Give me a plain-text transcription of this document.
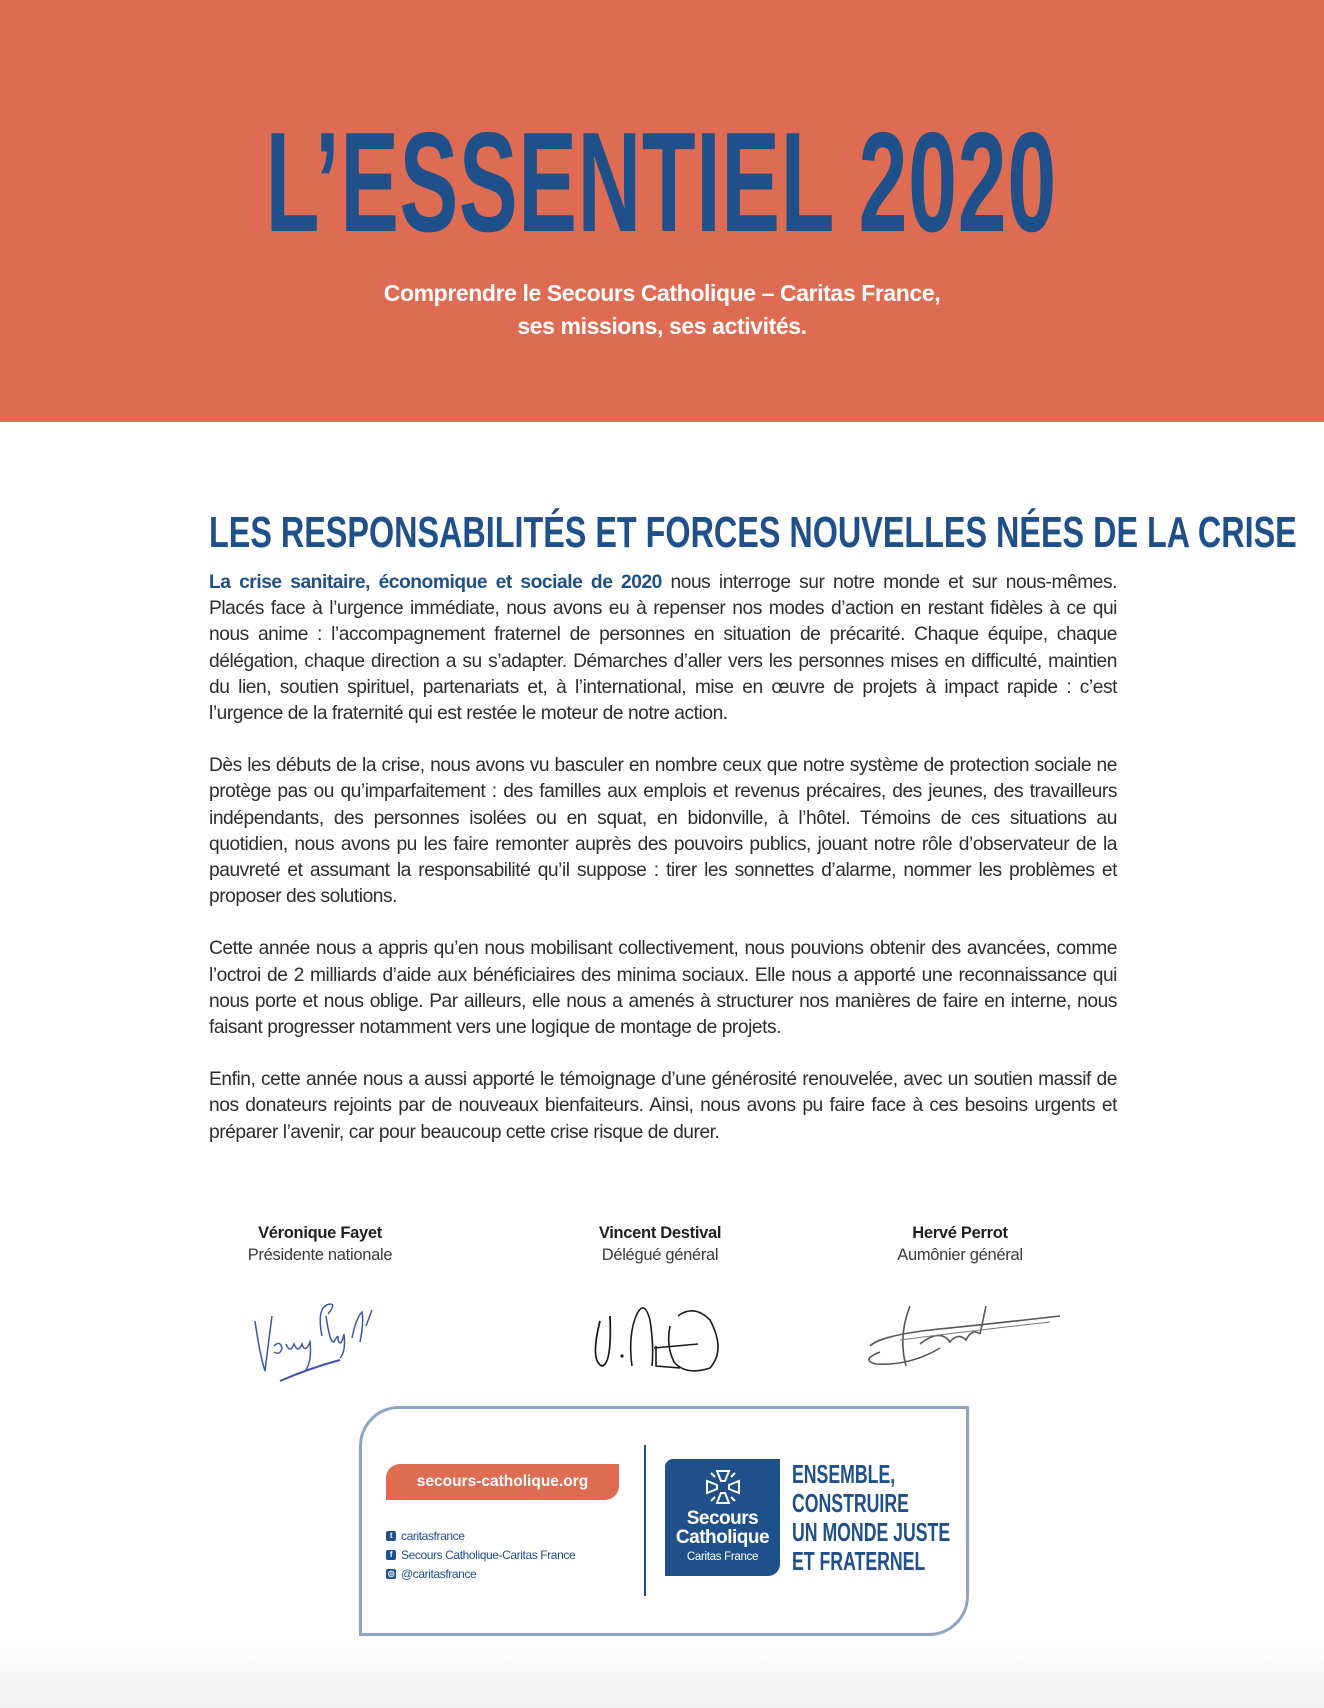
L’ESSENTIEL 2020
Comprendre le Secours Catholique – Caritas France,
ses missions, ses activités.
LES RESPONSABILITÉS ET FORCES NOUVELLES NÉES DE LA CRISE

La crise sanitaire, économique et sociale de 2020 nous interroge sur notre monde et sur nous-mêmes. Placés face à l’urgence immédiate, nous avons eu à repenser nos modes d’action en restant fidèles à ce qui nous anime : l’accompagnement fraternel de personnes en situation de précarité. Chaque équipe, chaque délégation, chaque direction a su s’adapter. Démarches d’aller vers les personnes mises en difficulté, maintien du lien, soutien spirituel, partenariats et, à l’international, mise en œuvre de projets à impact rapide : c’est l’urgence de la fraternité qui est restée le moteur de notre action.

Dès les débuts de la crise, nous avons vu basculer en nombre ceux que notre système de protection sociale ne protège pas ou qu’imparfaitement : des familles aux emplois et revenus précaires, des jeunes, des travailleurs indépendants, des personnes isolées ou en squat, en bidonville, à l’hôtel. Témoins de ces situations au quotidien, nous avons pu les faire remonter auprès des pouvoirs publics, jouant notre rôle d’observateur de la pauvreté et assumant la responsabilité qu’il suppose : tirer les sonnettes d’alarme, nommer les problèmes et proposer des solutions.

Cette année nous a appris qu’en nous mobilisant collectivement, nous pouvions obtenir des avancées, comme l’octroi de 2 milliards d’aide aux bénéficiaires des minima sociaux. Elle nous a apporté une reconnaissance qui nous porte et nous oblige. Par ailleurs, elle nous a amenés à structurer nos manières de faire en interne, nous faisant progresser notamment vers une logique de montage de projets.

Enfin, cette année nous a aussi apporté le témoignage d’une générosité renouvelée, avec un soutien massif de nos donateurs rejoints par de nouveaux bienfaiteurs. Ainsi, nous avons pu faire face à ces besoins urgents et préparer l’avenir, car pour beaucoup cette crise risque de durer.

Véronique Fayet
Présidente nationale
Vincent Destival
Délégué général
Hervé Perrot
Aumônier général
secours-catholique.org
t caritasfrance
f Secours Catholique-Caritas France
◎ @caritasfrance
Secours
Catholique
Caritas France
ENSEMBLE,
CONSTRUIRE
UN MONDE JUSTE
ET FRATERNEL
